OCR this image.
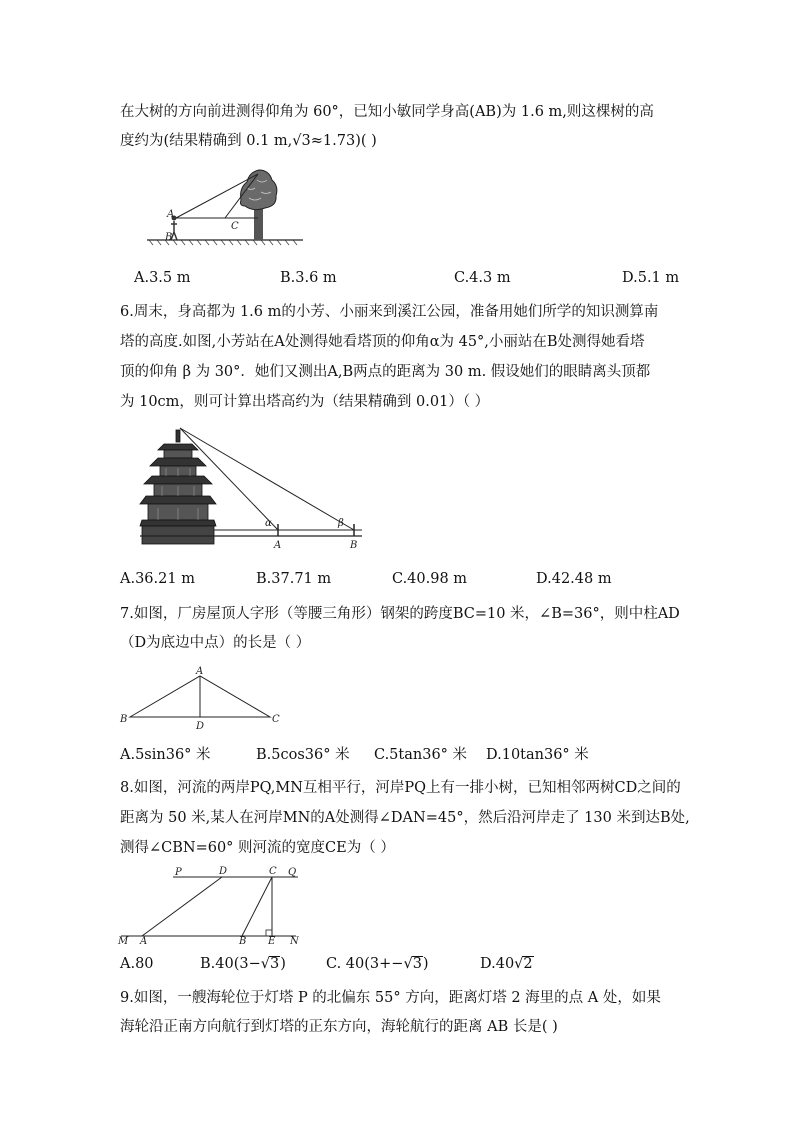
在大树的方向前进测得仰角为 60°，已知小敏同学身高(AB)为 1.6 m,则这棵树的高
度约为(结果精确到 0.1 m,√3≈1.73)( )
A
B
C
A.3.5 m	B.3.6 m	C.4.3 m	D.5.1 m
6.周末，身高都为 1.6 m的小芳、小丽来到溪江公园，准备用她们所学的知识测算南
塔的高度.如图,小芳站在A处测得她看塔顶的仰角α为 45°,小丽站在B处测得她看塔
顶的仰角 β 为 30°．她们又测出A,B两点的距离为 30 m. 假设她们的眼睛离头顶都
为 10cm，则可计算出塔高约为（结果精确到 0.01）（ ）
α	β
A	B
A.36.21 m	B.37.71 m	C.40.98 m	D.42.48 m
7.如图，厂房屋顶人字形（等腰三角形）钢架的跨度BC=10 米，∠B=36°，则中柱AD
（D为底边中点）的长是（ ）
A
B	C
D
A.5sin36° 米	B.5cos36° 米 C.5tan36° 米 D.10tan36° 米
8.如图，河流的两岸PQ,MN互相平行，河岸PQ上有一排小树，已知相邻两树CD之间的
距离为 50 米,某人在河岸MN的A处测得∠DAN=45°，然后沿河岸走了 130 米到达B处,
测得∠CBN=60° 则河流的宽度CE为（ ）
P	D	C Q
M A	B E N
A.80	B.40(3−√3)	C. 40(3+−√3)	D.40√2
9.如图，一艘海轮位于灯塔 P 的北偏东 55° 方向，距离灯塔 2 海里的点 A 处，如果
海轮沿正南方向航行到灯塔的正东方向，海轮航行的距离 AB 长是( )
